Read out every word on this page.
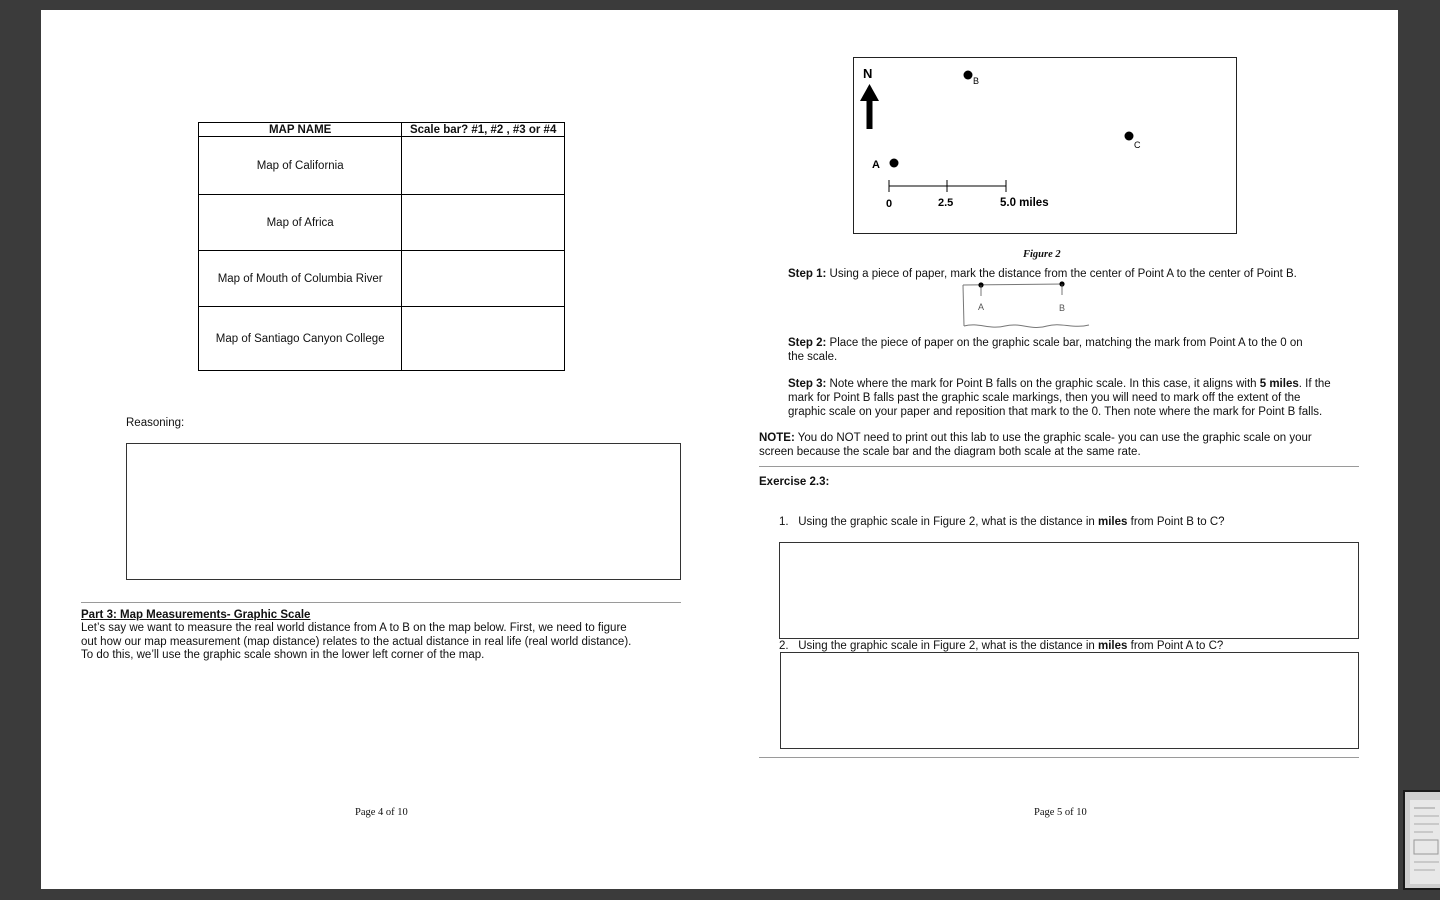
MAP NAME	Scale bar? #1, #2 , #3 or #4
Map of California	
Map of Africa	
Map of Mouth of Columbia River	
Map of Santiago Canyon College	
Reasoning:
Part 3: Map Measurements- Graphic Scale
Let’s say we want to measure the real world distance from A to B on the map below. First, we need to figure
out how our map measurement (map distance) relates to the actual distance in real life (real world distance).
To do this, we’ll use the graphic scale shown in the lower left corner of the map.
Page 4 of 10
N	B
C
A
0	2.5	5.0 miles
Figure 2
Step 1: Using a piece of paper, mark the distance from the center of Point A to the center of Point B.
A	B
Step 2: Place the piece of paper on the graphic scale bar, matching the mark from Point A to the 0 on
the scale.
Step 3: Note where the mark for Point B falls on the graphic scale. In this case, it aligns with 5 miles. If the
mark for Point B falls past the graphic scale markings, then you will need to mark off the extent of the
graphic scale on your paper and reposition that mark to the 0. Then note where the mark for Point B falls.
NOTE: You do NOT need to print out this lab to use the graphic scale- you can use the graphic scale on your
screen because the scale bar and the diagram both scale at the same rate.
Exercise 2.3:
1. Using the graphic scale in Figure 2, what is the distance in miles from Point B to C?
2. Using the graphic scale in Figure 2, what is the distance in miles from Point A to C?
Page 5 of 10
